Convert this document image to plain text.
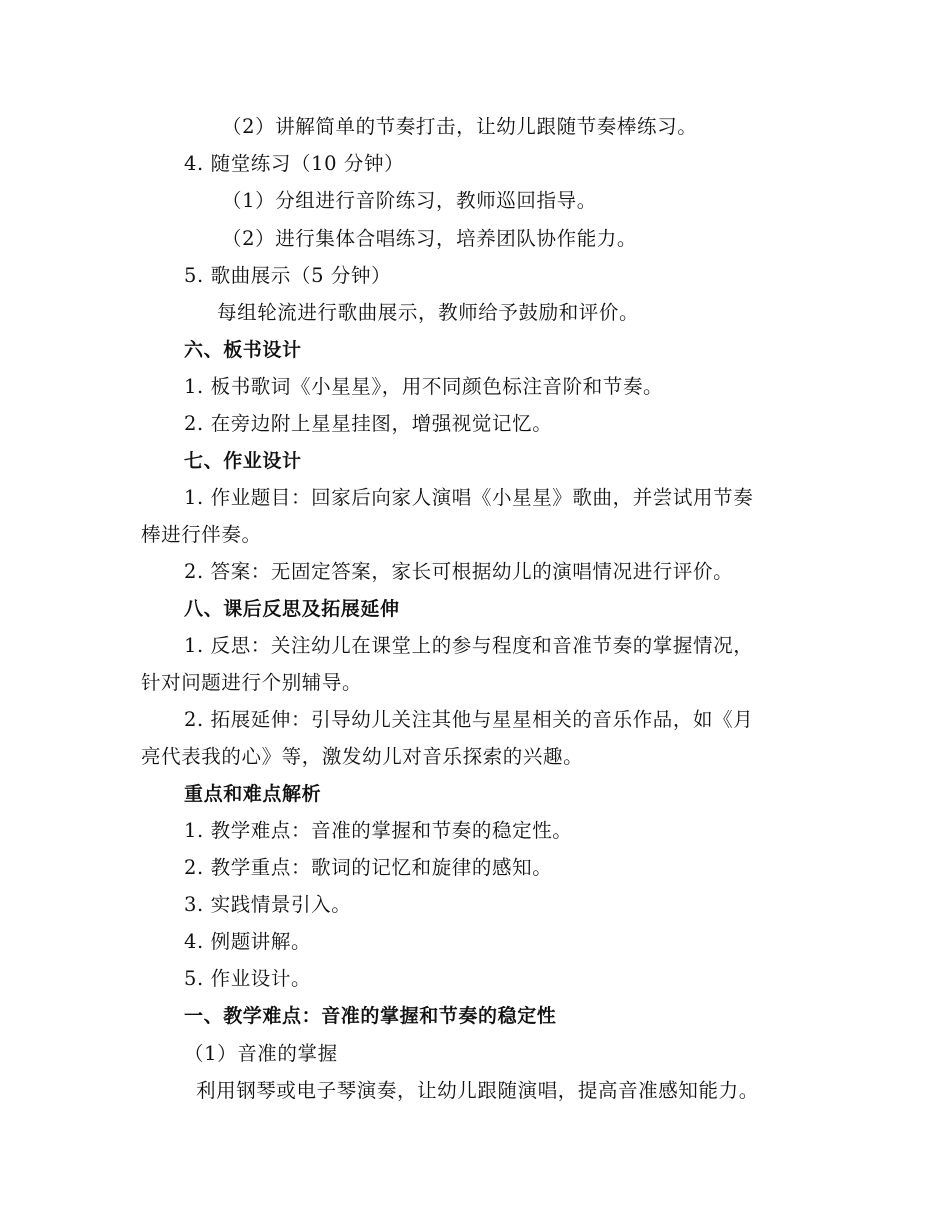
（2）讲解简单的节奏打击，让幼儿跟随节奏棒练习。
4. 随堂练习（10 分钟）
（1）分组进行音阶练习，教师巡回指导。
（2）进行集体合唱练习，培养团队协作能力。
5. 歌曲展示（5 分钟）
每组轮流进行歌曲展示，教师给予鼓励和评价。
六、板书设计
1. 板书歌词《小星星》，用不同颜色标注音阶和节奏。
2. 在旁边附上星星挂图，增强视觉记忆。
七、作业设计
1. 作业题目：回家后向家人演唱《小星星》歌曲，并尝试用节奏
棒进行伴奏。
2. 答案：无固定答案，家长可根据幼儿的演唱情况进行评价。
八、课后反思及拓展延伸
1. 反思：关注幼儿在课堂上的参与程度和音准节奏的掌握情况，
针对问题进行个别辅导。
2. 拓展延伸：引导幼儿关注其他与星星相关的音乐作品，如《月
亮代表我的心》等，激发幼儿对音乐探索的兴趣。
重点和难点解析
1. 教学难点：音准的掌握和节奏的稳定性。
2. 教学重点：歌词的记忆和旋律的感知。
3. 实践情景引入。
4. 例题讲解。
5. 作业设计。
一、教学难点：音准的掌握和节奏的稳定性
（1）音准的掌握
利用钢琴或电子琴演奏，让幼儿跟随演唱，提高音准感知能力。
